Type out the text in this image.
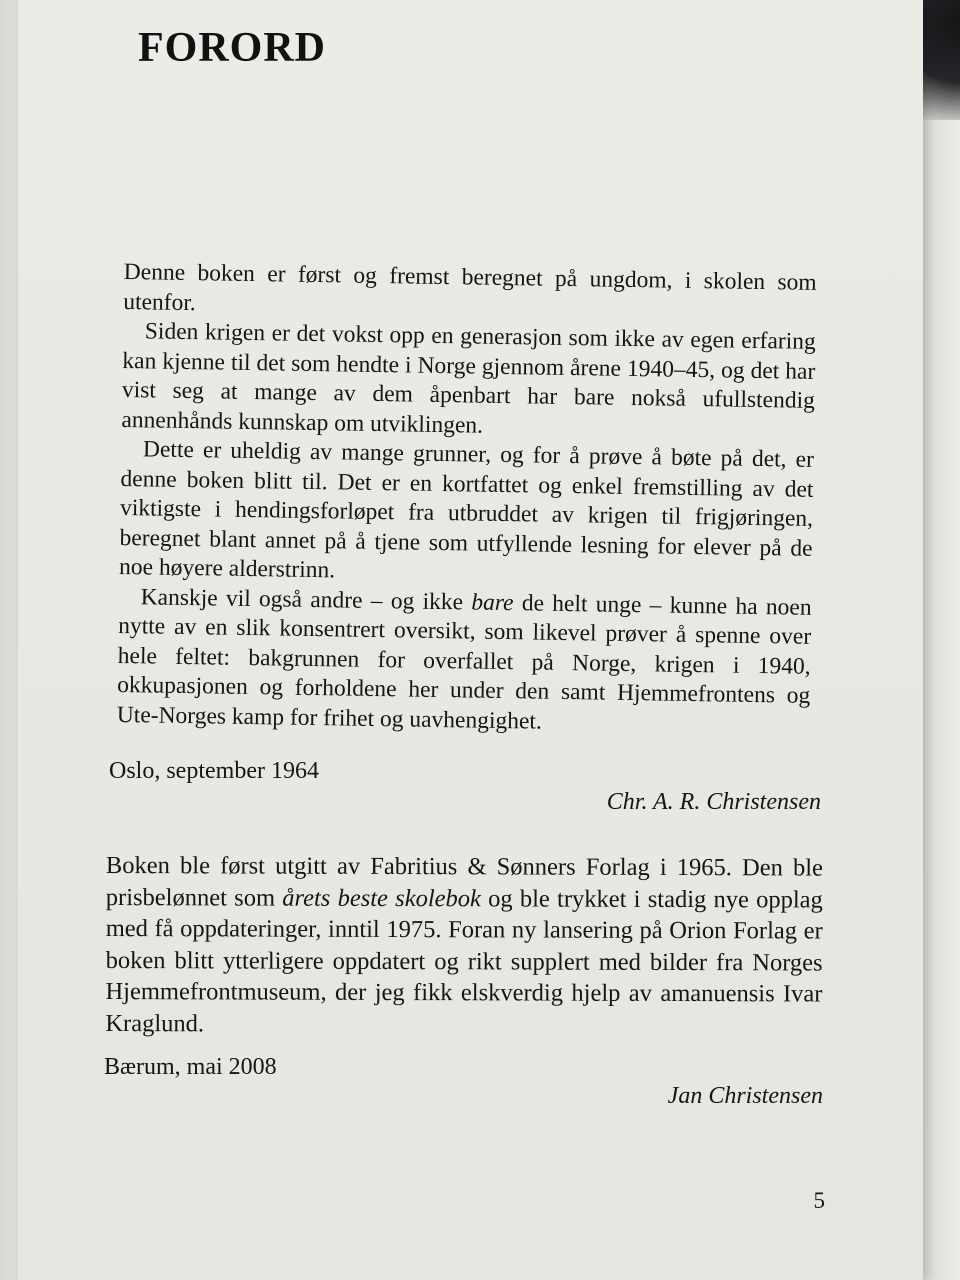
FORORD

Denne boken er først og fremst beregnet på ungdom, i skolen som utenfor.

Siden krigen er det vokst opp en generasjon som ikke av egen erfaring kan kjenne til det som hendte i Norge gjennom årene 1940–45, og det har vist seg at mange av dem åpenbart har bare nokså ufullstendig annenhånds kunnskap om utviklingen.

Dette er uheldig av mange grunner, og for å prøve å bøte på det, er denne boken blitt til. Det er en kortfattet og enkel fremstilling av det viktigste i hendingsforløpet fra utbruddet av krigen til frigjøringen, beregnet blant annet på å tjene som utfyllende lesning for elever på de noe høyere alderstrinn.

Kanskje vil også andre – og ikke bare de helt unge – kunne ha noen nytte av en slik konsentrert oversikt, som likevel prøver å spenne over hele feltet: bakgrunnen for overfallet på Norge, krigen i 1940, okkupasjonen og forholdene her under den samt Hjemmefrontens og Ute-Norges kamp for frihet og uavhengighet.

Oslo, september 1964
Chr. A. R. Christensen

Boken ble først utgitt av Fabritius & Sønners Forlag i 1965. Den ble prisbelønnet som årets beste skolebok og ble trykket i stadig nye opplag med få oppdateringer, inntil 1975. Foran ny lansering på Orion Forlag er boken blitt ytterligere oppdatert og rikt supplert med bilder fra Norges Hjemmefrontmuseum, der jeg fikk elskverdig hjelp av amanuensis Ivar Kraglund.

Bærum, mai 2008
Jan Christensen
5
